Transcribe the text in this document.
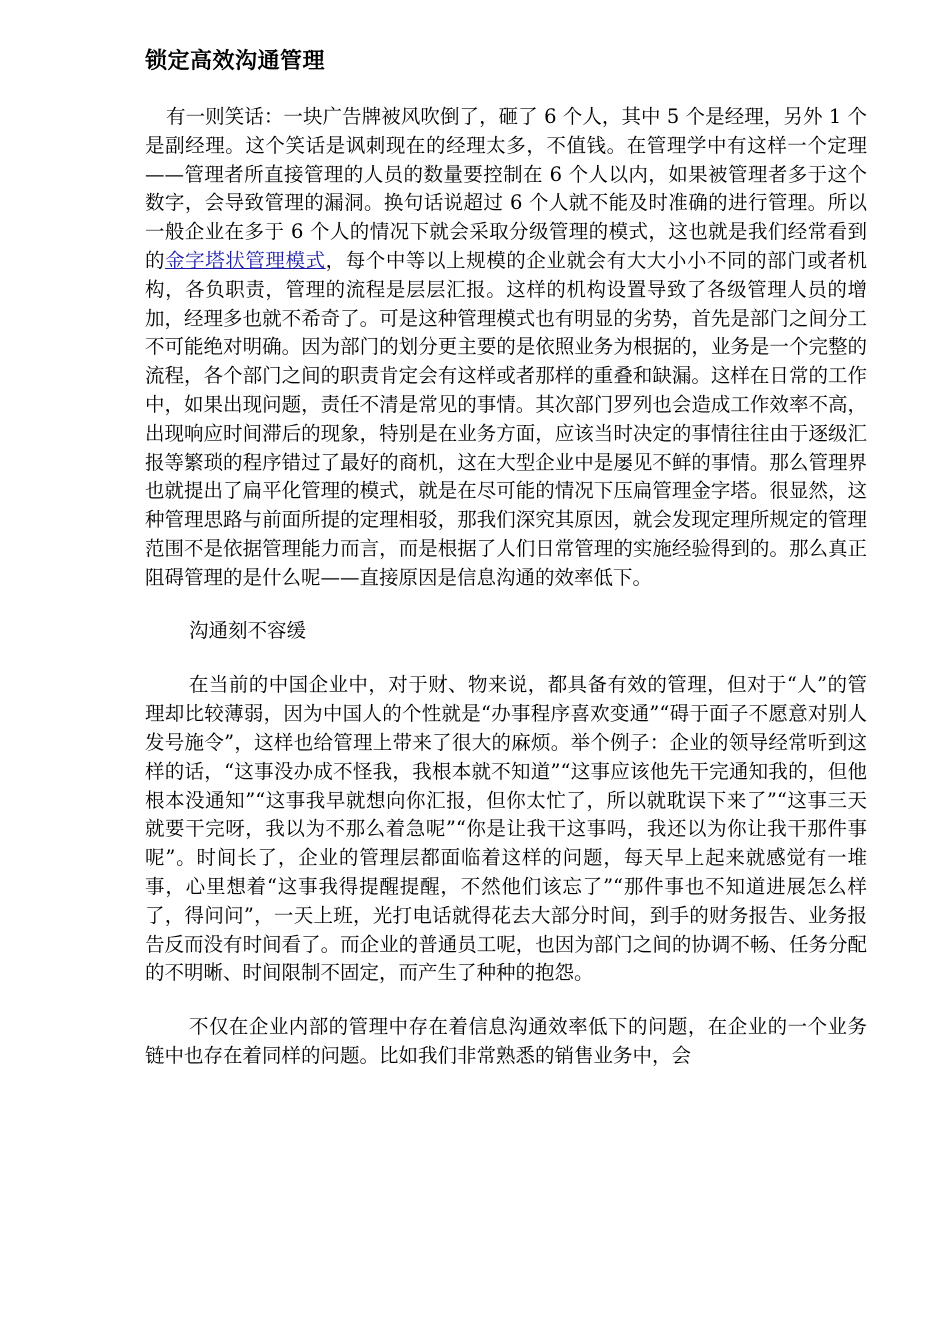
锁定高效沟通管理

有一则笑话：一块广告牌被风吹倒了，砸了 6 个人，其中 5 个是经理，另外 1 个是副经理。这个笑话是讽刺现在的经理太多，不值钱。在管理学中有这样一个定理——管理者所直接管理的人员的数量要控制在 6 个人以内，如果被管理者多于这个数字，会导致管理的漏洞。换句话说超过 6 个人就不能及时准确的进行管理。所以一般企业在多于 6 个人的情况下就会采取分级管理的模式，这也就是我们经常看到的金字塔状管理模式，每个中等以上规模的企业就会有大大小小不同的部门或者机构，各负职责，管理的流程是层层汇报。这样的机构设置导致了各级管理人员的增加，经理多也就不希奇了。可是这种管理模式也有明显的劣势，首先是部门之间分工不可能绝对明确。因为部门的划分更主要的是依照业务为根据的，业务是一个完整的流程，各个部门之间的职责肯定会有这样或者那样的重叠和缺漏。这样在日常的工作中，如果出现问题，责任不清是常见的事情。其次部门罗列也会造成工作效率不高，出现响应时间滞后的现象，特别是在业务方面，应该当时决定的事情往往由于逐级汇报等繁琐的程序错过了最好的商机，这在大型企业中是屡见不鲜的事情。那么管理界也就提出了扁平化管理的模式，就是在尽可能的情况下压扁管理金字塔。很显然，这种管理思路与前面所提的定理相驳，那我们深究其原因，就会发现定理所规定的管理范围不是依据管理能力而言，而是根据了人们日常管理的实施经验得到的。那么真正阻碍管理的是什么呢——直接原因是信息沟通的效率低下。

沟通刻不容缓

在当前的中国企业中，对于财、物来说，都具备有效的管理，但对于“人”的管理却比较薄弱，因为中国人的个性就是“办事程序喜欢变通”“碍于面子不愿意对别人发号施令”，这样也给管理上带来了很大的麻烦。举个例子：企业的领导经常听到这样的话，“这事没办成不怪我，我根本就不知道”“这事应该他先干完通知我的，但他根本没通知”“这事我早就想向你汇报，但你太忙了，所以就耽误下来了”“这事三天就要干完呀，我以为不那么着急呢”“你是让我干这事吗，我还以为你让我干那件事呢”。时间长了，企业的管理层都面临着这样的问题，每天早上起来就感觉有一堆事，心里想着“这事我得提醒提醒，不然他们该忘了”“那件事也不知道进展怎么样了，得问问”，一天上班，光打电话就得花去大部分时间，到手的财务报告、业务报告反而没有时间看了。而企业的普通员工呢，也因为部门之间的协调不畅、任务分配的不明晰、时间限制不固定，而产生了种种的抱怨。

不仅在企业内部的管理中存在着信息沟通效率低下的问题，在企业的一个业务链中也存在着同样的问题。比如我们非常熟悉的销售业务中，会
